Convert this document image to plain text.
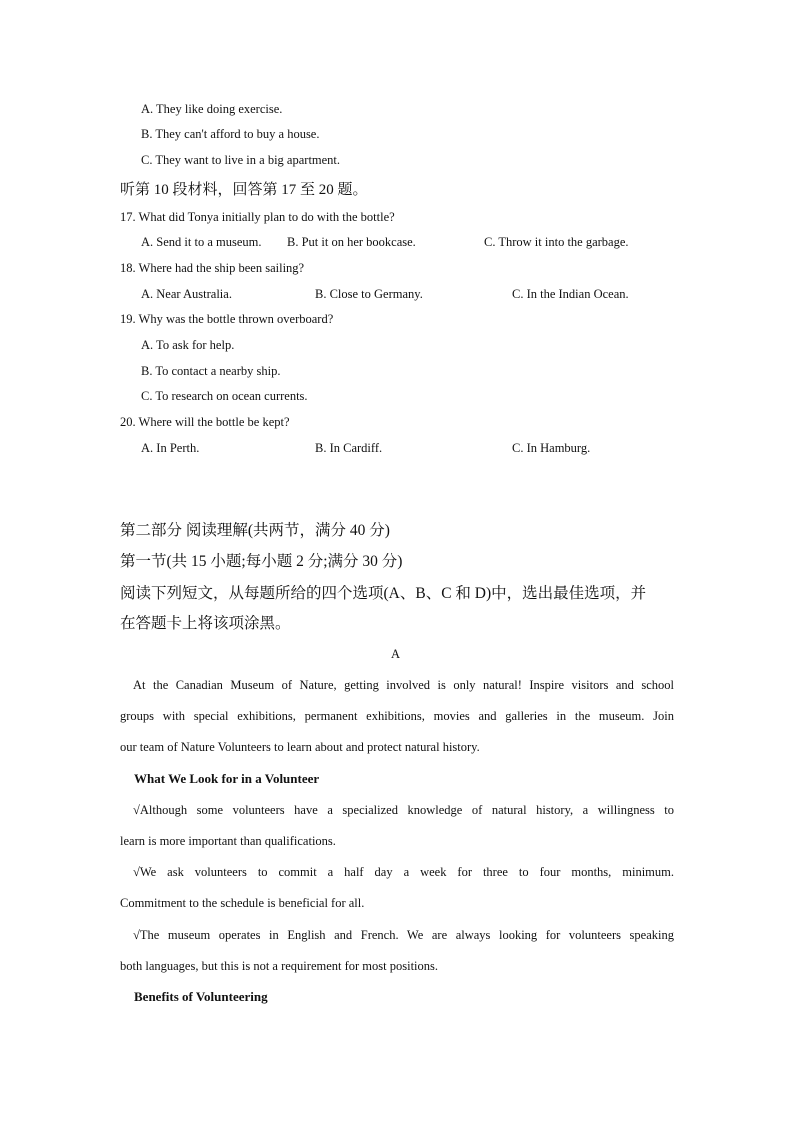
A. They like doing exercise.
B. They can't afford to buy a house.
C. They want to live in a big apartment.
听第 10 段材料，回答第 17 至 20 题。
17. What did Tonya initially plan to do with the bottle?
A. Send it to a museum. B. Put it on her bookcase.	C. Throw it into the garbage.
18. Where had the ship been sailing?
A. Near Australia.	B. Close to Germany.	C. In the Indian Ocean.
19. Why was the bottle thrown overboard?
A. To ask for help.
B. To contact a nearby ship.
C. To research on ocean currents.
20. Where will the bottle be kept?
A. In Perth.	B. In Cardiff.	C. In Hamburg.
第二部分 阅读理解(共两节，满分 40 分)
第一节(共 15 小题;每小题 2 分;满分 30 分)
阅读下列短文，从每题所给的四个选项(A、B、C 和 D)中，选出最佳选项，并
在答题卡上将该项涂黑。
A
At the Canadian Museum of Nature, getting involved is only natural! Inspire visitors and school
groups with special exhibitions, permanent exhibitions, movies and galleries in the museum. Join
our team of Nature Volunteers to learn about and protect natural history.
What We Look for in a Volunteer
√Although some volunteers have a specialized knowledge of natural history, a willingness to
learn is more important than qualifications.
√We ask volunteers to commit a half day a week for three to four months, minimum.
Commitment to the schedule is beneficial for all.
√The museum operates in English and French. We are always looking for volunteers speaking
both languages, but this is not a requirement for most positions.
Benefits of Volunteering
